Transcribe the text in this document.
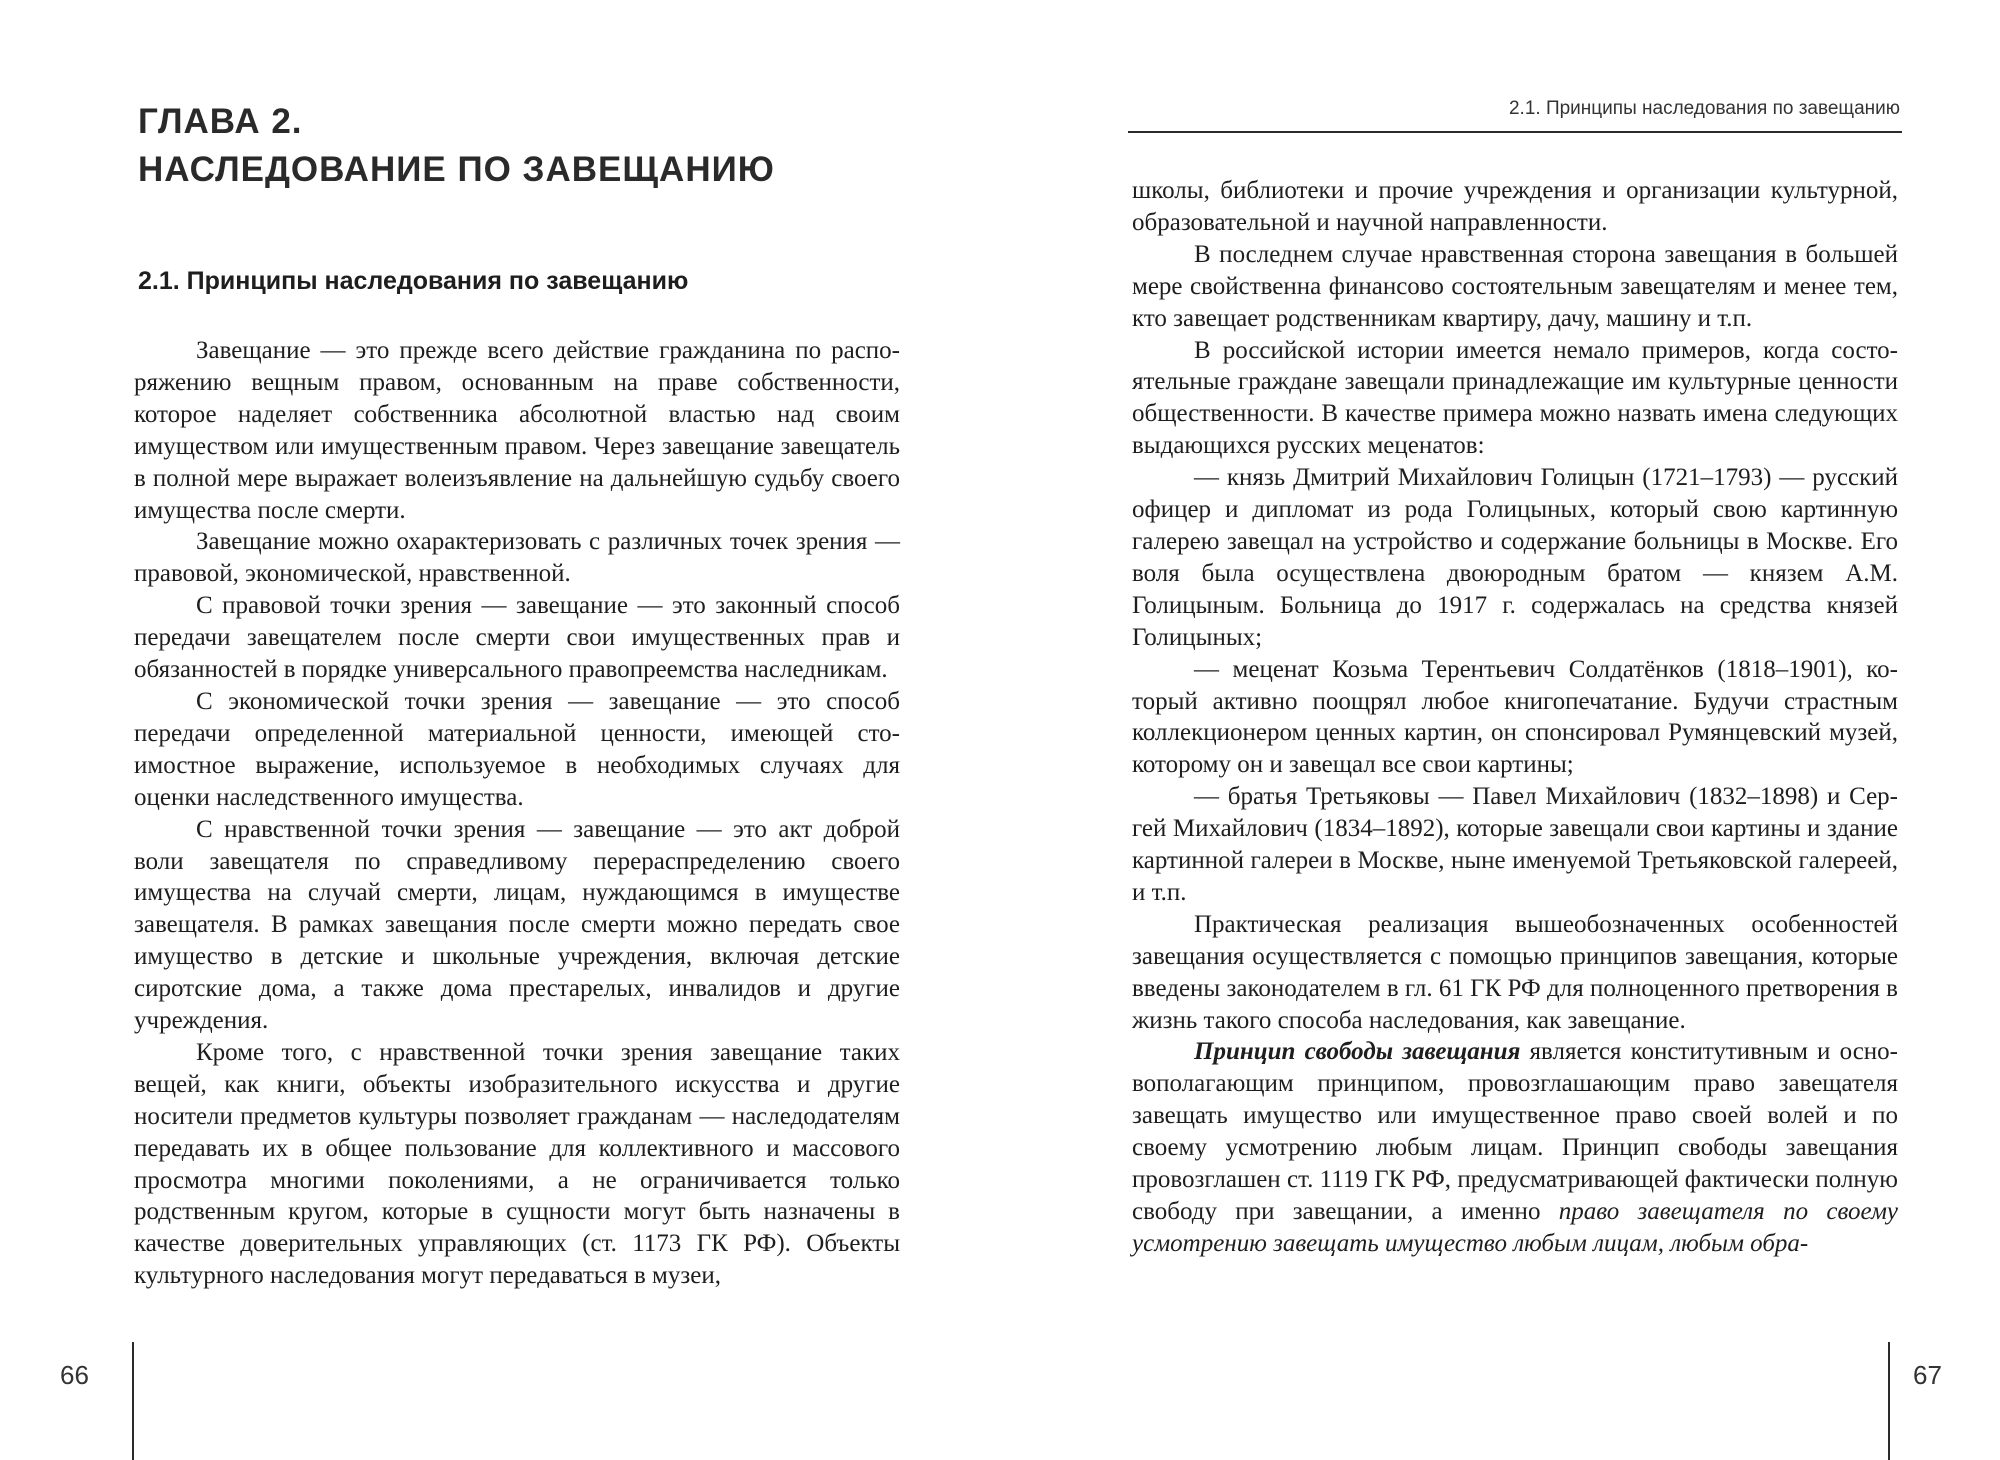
ГЛАВА 2.
НАСЛЕДОВАНИЕ ПО ЗАВЕЩАНИЮ
2.1. Принципы наследования по завещанию

Завещание — это прежде всего действие гражданина по распоряжению вещным правом, основанным на праве собственности, которое наделяет собственника абсолютной властью над своим имуществом или имущественным правом. Через завещание завещатель в полной мере выражает волеизъявление на дальнейшую судьбу своего имущества после смерти.

Завещание можно охарактеризовать с различных точек зрения — правовой, экономической, нравственной.

С правовой точки зрения — завещание — это законный способ передачи завещателем после смерти свои имущественных прав и обязанностей в порядке универсального правопреемства наследникам.

С экономической точки зрения — завещание — это способ передачи определенной материальной ценности, имеющей стоимостное выражение, используемое в необходимых случаях для оценки наследственного имущества.

С нравственной точки зрения — завещание — это акт доброй воли завещателя по справедливому перераспределению своего имущества на случай смерти, лицам, нуждающимся в имуществе завещателя. В рамках завещания после смерти можно передать свое имущество в детские и школьные учреждения, включая детские сиротские дома, а также дома престарелых, инвалидов и другие учреждения.

Кроме того, с нравственной точки зрения завещание таких вещей, как книги, объекты изобразительного искусства и другие носители предметов культуры позволяет гражданам — наследодателям передавать их в общее пользование для коллективного и массового просмотра многими поколениями, а не ограничивается только родственным кругом, которые в сущности могут быть назначены в качестве доверительных управляющих (ст. 1173 ГК РФ). Объекты культурного наследования могут передаваться в музеи,

66
2.1. Принципы наследования по завещанию

школы, библиотеки и прочие учреждения и организации культурной, образовательной и научной направленности.

В последнем случае нравственная сторона завещания в большей мере свойственна финансово состоятельным завещателям и менее тем, кто завещает родственникам квартиру, дачу, машину и т.п.

В российской истории имеется немало примеров, когда состоятельные граждане завещали принадлежащие им культурные ценности общественности. В качестве примера можно назвать имена следующих выдающихся русских меценатов:

— князь Дмитрий Михайлович Голицын (1721–1793) — русский офицер и дипломат из рода Голицыных, который свою картинную галерею завещал на устройство и содержание больницы в Москве. Его воля была осуществлена двоюродным братом — князем А.М. Голицыным. Больница до 1917 г. содержалась на средства князей Голицыных;

— меценат Козьма Терентьевич Солдатёнков (1818–1901), который активно поощрял любое книгопечатание. Будучи страстным коллекционером ценных картин, он спонсировал Румянцевский музей, которому он и завещал все свои картины;

— братья Третьяковы — Павел Михайлович (1832–1898) и Сергей Михайлович (1834–1892), которые завещали свои картины и здание картинной галереи в Москве, ныне именуемой Третьяковской галереей, и т.п.

Практическая реализация вышеобозначенных особенностей завещания осуществляется с помощью принципов завещания, которые введены законодателем в гл. 61 ГК РФ для полноценного претворения в жизнь такого способа наследования, как завещание.

Принцип свободы завещания является конститутивным и основополагающим принципом, провозглашающим право завещателя завещать имущество или имущественное право своей волей и по своему усмотрению любым лицам. Принцип свободы завещания провозглашен ст. 1119 ГК РФ, предусматривающей фактически полную свободу при завещании, а именно право завещателя по своему усмотрению завещать имущество любым лицам, любым обра-

67
